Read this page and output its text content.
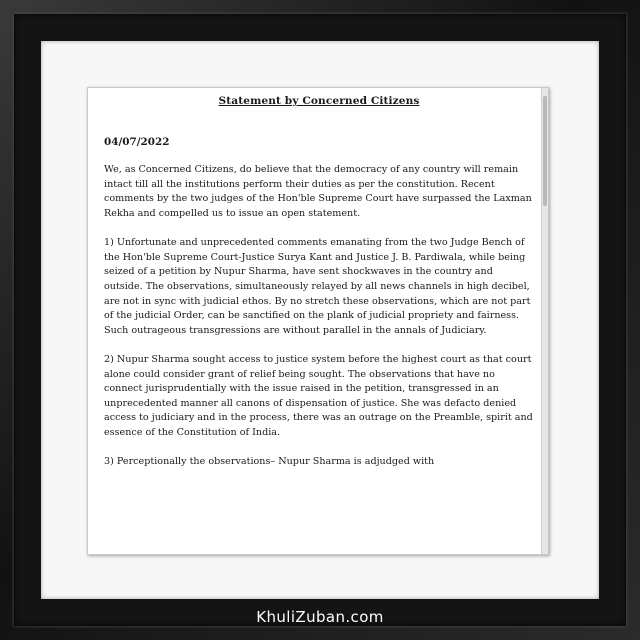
Statement by Concerned Citizens
04/07/2022

We, as Concerned Citizens, do believe that the democracy of any country will remain intact till all the institutions perform their duties as per the constitution. Recent comments by the two judges of the Hon'ble Supreme Court have surpassed the Laxman Rekha and compelled us to issue an open statement.

1) Unfortunate and unprecedented comments emanating from the two Judge Bench of the Hon'ble Supreme Court-Justice Surya Kant and Justice J. B. Pardiwala, while being seized of a petition by Nupur Sharma, have sent shockwaves in the country and outside. The observations, simultaneously relayed by all news channels in high decibel, are not in sync with judicial ethos. By no stretch these observations, which are not part of the judicial Order, can be sanctified on the plank of judicial propriety and fairness. Such outrageous transgressions are without parallel in the annals of Judiciary.

2) Nupur Sharma sought access to justice system before the highest court as that court alone could consider grant of relief being sought. The observations that have no connect jurisprudentially with the issue raised in the petition, transgressed in an unprecedented manner all canons of dispensation of justice. She was defacto denied access to judiciary and in the process, there was an outrage on the Preamble, spirit and essence of the Constitution of India.

3) Perceptionally the observations– Nupur Sharma is adjudged with

KhuliZuban.com
